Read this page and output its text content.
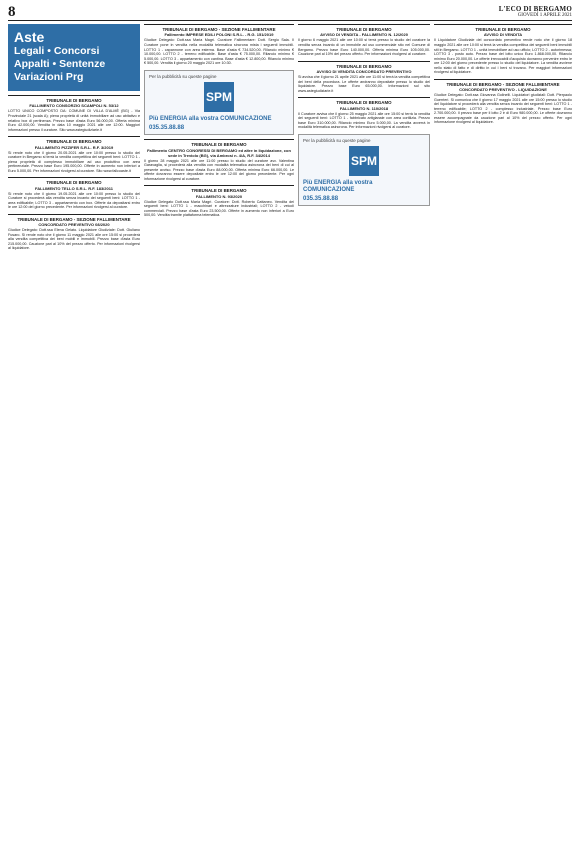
8	L'ECO DI BERGAMO
GIOVEDÌ 1 APRILE 2021
Aste
Legali • Concorsi
Appalti • Sentenze
Variazioni Prg
TRIBUNALE DI BERGAMO
FALLIMENTO CONSORZIO SCAMPOLI N. 53/12
LOTTO UNICO COMPOSTO DA: COMUNE DI VILLA D'ALMÈ (BG) - Via Provinciale 21 (scala A); piena proprietà di unità immobiliare ad uso abitativo e relativo box di pertinenza. Prezzo base d'asta Euro 56.000,00. Offerta minima Euro 42.000,00. Vendita in data 10 maggio 2021 alle ore 12:00. Maggiori informazioni presso il curatore. Sito www.astegiudiziarie.it
TRIBUNALE DI BERGAMO
FALLIMENTO PIZZIFER S.R.L. R.F. 3/2019
Si rende noto che il giorno 20.05.2021 alle ore 10:00 presso lo studio del curatore in Bergamo si terrà la vendita competitiva dei seguenti beni: LOTTO 1 - piena proprietà di complesso immobiliare ad uso produttivo con area pertinenziale. Prezzo base Euro 195.000,00. Offerte in aumento non inferiori a Euro 5.000,00. Per informazioni rivolgersi al curatore. Sito www.fallcoaste.it
TRIBUNALE DI BERGAMO
FALLIMENTO TELLO S.R.L. R.F. 183/2011
Si rende noto che il giorno 19.05.2021 alle ore 10:00 presso lo studio del Curatore si procederà alla vendita senza incanto dei seguenti beni: LOTTO 1 - area edificabile; LOTTO 3 - appartamento con box. Offerte da depositarsi entro le ore 12:00 del giorno precedente. Per informazioni rivolgersi al curatore.
TRIBUNALE DI BERGAMO - SEZIONE FALLIMENTARE
CONCORDATO PREVENTIVO 08/2020
Giudice Delegato: Dott.ssa Elena Gelato. Liquidatore Giudiziale: Dott. Giuliano Fusaro. Si rende noto che il giorno 11 maggio 2021 alle ore 15:00 si procederà alla vendita competitiva dei beni mobili e immobili. Prezzo base d'asta Euro 215.000,00. Cauzione pari al 10% del prezzo offerto. Per informazioni rivolgersi al liquidatore.
TRIBUNALE DI BERGAMO - SEZIONE FALLIMENTARE
Fallimento IMPRESE EDILI POLONI S.R.L. - R.G. 151/2019
Giudice Delegato: Dott.ssa Maria Magrì. Curatore Fallimentare: Dott. Sergio Sala. Il Curatore pone in vendita nella modalità telematica sincrona mista i seguenti immobili. LOTTO 1 - capannone con area esterna. Base d'asta € 734.520,00. Rilancio minimo € 10.000,00. LOTTO 2 - terreno edificabile. Base d'asta € 75.000,00. Rilancio minimo € 5.000,00. LOTTO 3 - appartamento con cantina. Base d'asta € 12.800,00. Rilancio minimo € 500,00. Vendita il giorno 20 maggio 2021 ore 10:30.
Per la pubblicità su queste pagine
SPM
Più ENERGIA alla vostra COMUNICAZIONE
035.35.88.88
TRIBUNALE DI BERGAMO
Fallimento CENTRO CONGRESSI DI BERGAMO ed altre in liquidazione, con sede in Treviolo (BG), via Ambrosi n. 4/A, R.F. 34/2014
Il giorno 28 maggio 2021 alle ore 11:00 presso lo studio del curatore avv. Valentina Garavaglia, si procederà alla vendita con modalità telematica asincrona dei beni di cui al presente avviso. Prezzo base d'asta Euro 88.000,00. Offerta minima Euro 66.000,00. Le offerte dovranno essere depositate entro le ore 12:00 del giorno precedente. Per ogni informazione rivolgersi al curatore.
TRIBUNALE DI BERGAMO
FALLIMENTO N. 93/2020
Giudice Delegato Dott.ssa Maria Magrì. Curatore: Dott. Roberto Cattaneo. Vendita dei seguenti beni: LOTTO 1 - macchinari e attrezzature industriali; LOTTO 2 - veicoli commerciali. Prezzo base d'asta Euro 23.500,00. Offerte in aumento non inferiori a Euro 500,00. Vendita tramite piattaforma telematica.
TRIBUNALE DI BERGAMO
AVVISO DI VENDITA - FALLIMENTO N. 12/2020
Il giorno 6 maggio 2021 alle ore 10:00 si terrà presso lo studio del curatore la vendita senza incanto di un immobile ad uso commerciale sito nel Comune di Bergamo. Prezzo base Euro 140.000,00. Offerta minima Euro 105.000,00. Cauzione pari al 10% del prezzo offerto. Per informazioni rivolgersi al curatore.
TRIBUNALE DI BERGAMO
AVVISO DI VENDITA CONCORDATO PREVENTIVO
Si avvisa che il giorno 21 aprile 2021 alle ore 11:00 si terrà la vendita competitiva dei beni della procedura. Le offerte andranno depositate presso lo studio del liquidatore. Prezzo base Euro 65.000,00. Informazioni sul sito www.astegiudiziarie.it
TRIBUNALE DI BERGAMO
FALLIMENTO N. 110/2018
Il Curatore avvisa che il giorno 25 maggio 2021 alle ore 15:00 si terrà la vendita dei seguenti beni: LOTTO 1 - fabbricato artigianale con area cortilizia. Prezzo base Euro 310.000,00. Rilancio minimo Euro 5.000,00. La vendita avverrà in modalità telematica asincrona. Per informazioni rivolgersi al curatore.
Per la pubblicità su queste pagine
SPM
Più ENERGIA alla vostra COMUNICAZIONE
035.35.88.88
TRIBUNALE DI BERGAMO
AVVISO DI VENDITA
Il Liquidatore Giudiziale del concordato preventivo rende noto che il giorno 18 maggio 2021 alle ore 10:00 si terrà la vendita competitiva dei seguenti beni immobili siti in Bergamo. LOTTO 1 - unità immobiliare ad uso ufficio; LOTTO 2 - autorimessa; LOTTO 3 - posto auto. Prezzo base del lotto unico Euro 1.868.000,00. Rilancio minimo Euro 20.000,00. Le offerte irrevocabili d'acquisto dovranno pervenire entro le ore 12:00 del giorno precedente presso lo studio del liquidatore. La vendita avviene nello stato di fatto e di diritto in cui i beni si trovano. Per maggiori informazioni rivolgersi al liquidatore.
TRIBUNALE DI BERGAMO - SEZIONE FALLIMENTARE
CONCORDATO PREVENTIVO - LIQUIDAZIONE
Giudice Delegato: Dott.ssa Giovanna Golinelli. Liquidatori giudiziali: Dott. Pierpaolo Guerrieri. Si comunica che il giorno 17 maggio 2021 alle ore 15:00 presso lo studio del liquidatore si procederà alla vendita senza incanto dei seguenti beni: LOTTO 1 - terreno edificabile; LOTTO 2 - complesso industriale. Prezzo base Euro 2.700.000,00. Il prezzo base per il lotto 2 è di Euro 980.000,00. Le offerte dovranno essere accompagnate da cauzione pari al 10% del prezzo offerto. Per ogni informazione rivolgersi al liquidatore.
